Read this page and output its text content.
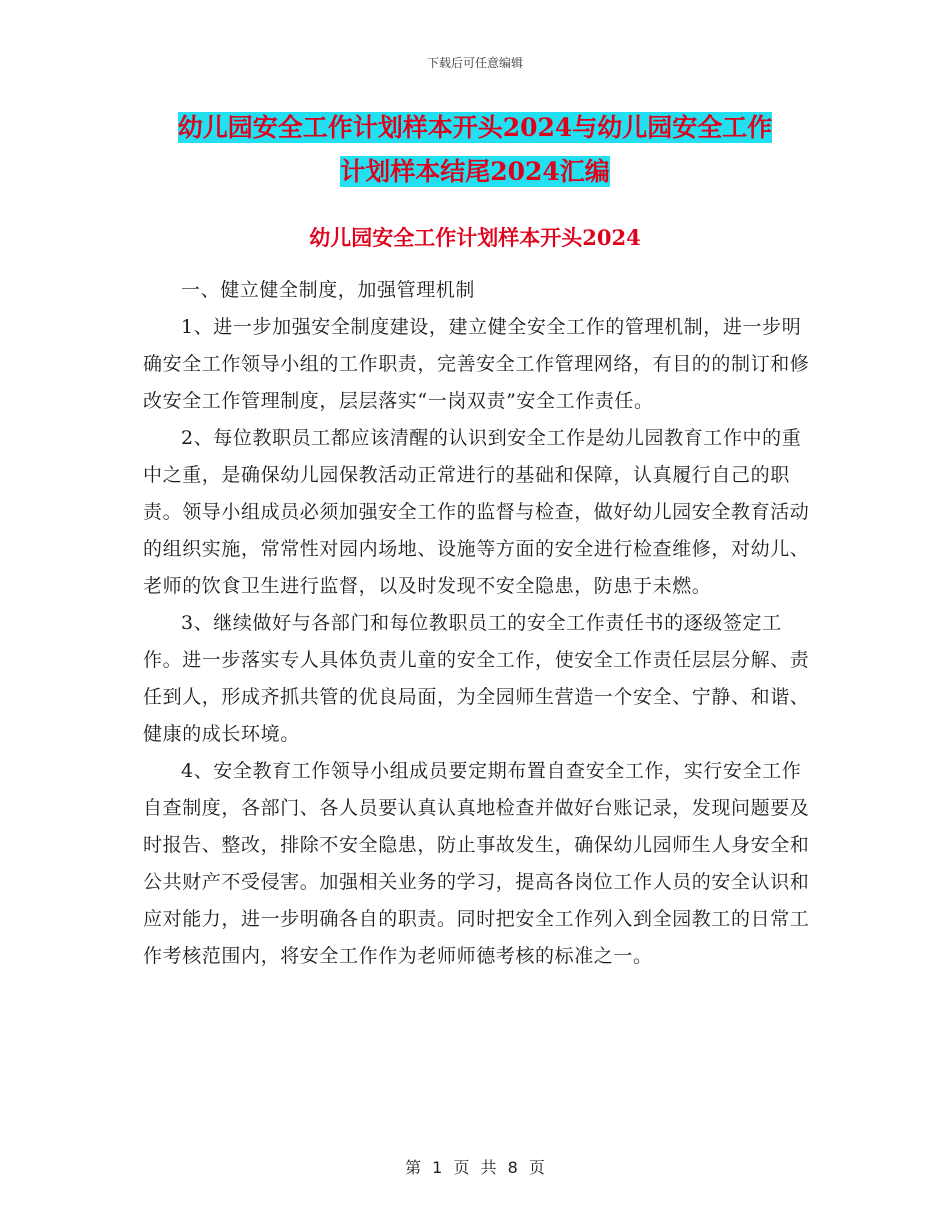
下载后可任意编辑
幼儿园安全工作计划样本开头2024与幼儿园安全工作
计划样本结尾2024汇编
幼儿园安全工作计划样本开头2024

一、健立健全制度，加强管理机制

1、进一步加强安全制度建设，建立健全安全工作的管理机制，进一步明确安全工作领导小组的工作职责，完善安全工作管理网络，有目的的制订和修改安全工作管理制度，层层落实“一岗双责”安全工作责任。

2、每位教职员工都应该清醒的认识到安全工作是幼儿园教育工作中的重中之重，是确保幼儿园保教活动正常进行的基础和保障，认真履行自己的职责。领导小组成员必须加强安全工作的监督与检查，做好幼儿园安全教育活动的组织实施，常常性对园内场地、设施等方面的安全进行检查维修，对幼儿、老师的饮食卫生进行监督，以及时发现不安全隐患，防患于未燃。

3、继续做好与各部门和每位教职员工的安全工作责任书的逐级签定工作。进一步落实专人具体负责儿童的安全工作，使安全工作责任层层分解、责任到人，形成齐抓共管的优良局面，为全园师生营造一个安全、宁静、和谐、健康的成长环境。

4、安全教育工作领导小组成员要定期布置自查安全工作，实行安全工作自查制度，各部门、各人员要认真认真地检查并做好台账记录，发现问题要及时报告、整改，排除不安全隐患，防止事故发生，确保幼儿园师生人身安全和公共财产不受侵害。加强相关业务的学习，提高各岗位工作人员的安全认识和应对能力，进一步明确各自的职责。同时把安全工作列入到全园教工的日常工作考核范围内，将安全工作作为老师师德考核的标准之一。

第 1 页 共 8 页
